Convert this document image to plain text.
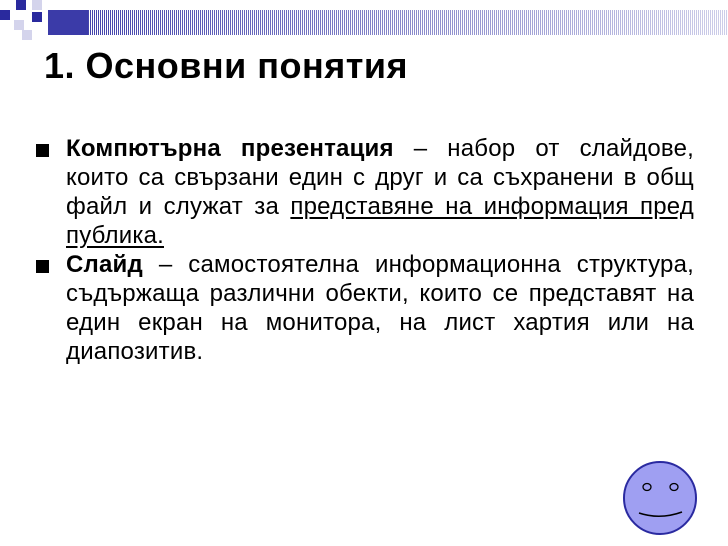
1. Основни понятия
Компютърна презентация – набор от слайдове, които са свързани един с друг и са съхранени в общ файл и служат за представяне на информация пред публика.
Слайд – самостоятелна информационна структура, съдържаща различни обекти, които се представят на един екран на монитора, на лист хартия или на диапозитив.
